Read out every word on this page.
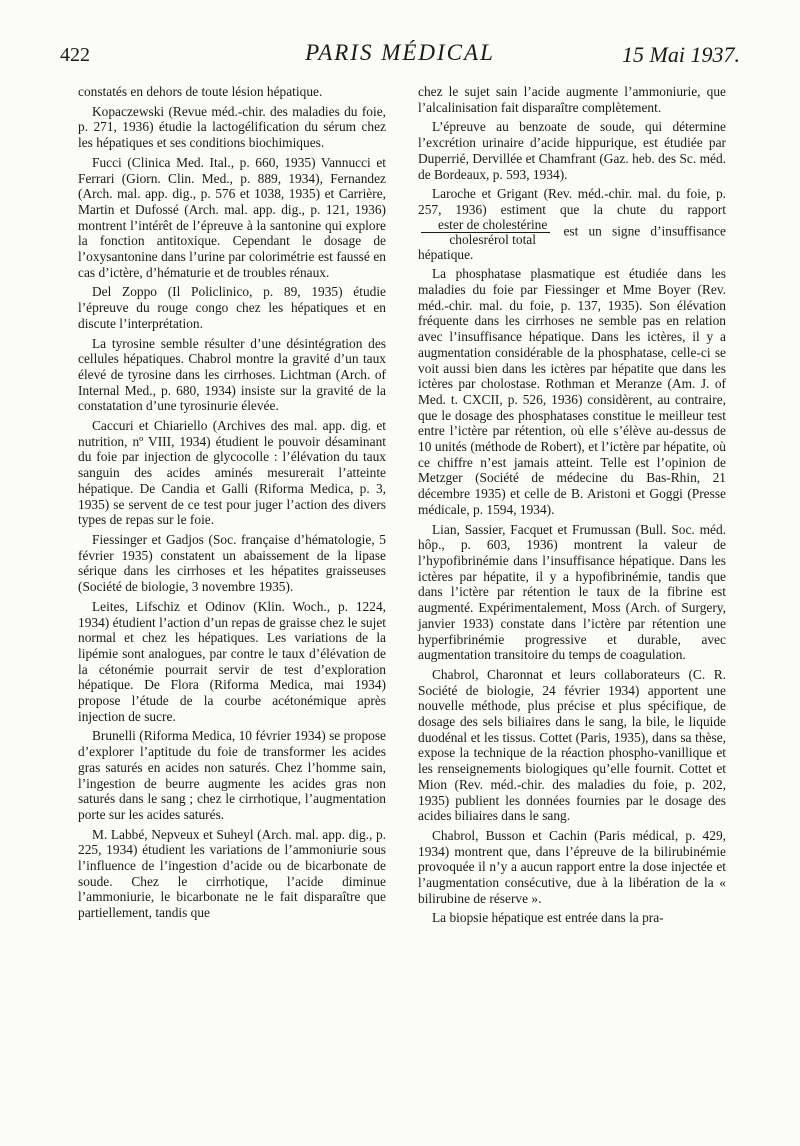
422	PARIS MÉDICAL	15 Mai 1937.

constatés en dehors de toute lésion hépatique.

Kopaczewski (Revue méd.-chir. des maladies du foie, p. 271, 1936) étudie la lactogélification du sérum chez les hépatiques et ses conditions biochimiques.

Fucci (Clinica Med. Ital., p. 660, 1935) Vannucci et Ferrari (Giorn. Clin. Med., p. 889, 1934), Fernandez (Arch. mal. app. dig., p. 576 et 1038, 1935) et Carrière, Martin et Dufossé (Arch. mal. app. dig., p. 121, 1936) montrent l’intérêt de l’épreuve à la santonine qui explore la fonction antitoxique. Cependant le dosage de l’oxysantonine dans l’urine par colorimétrie est faussé en cas d’ictère, d’hématurie et de troubles rénaux.

Del Zoppo (Il Policlinico, p. 89, 1935) étudie l’épreuve du rouge congo chez les hépatiques et en discute l’interprétation.

La tyrosine semble résulter d’une désintégration des cellules hépatiques. Chabrol montre la gravité d’un taux élevé de tyrosine dans les cirrhoses. Lichtman (Arch. of Internal Med., p. 680, 1934) insiste sur la gravité de la constatation d’une tyrosinurie élevée.

Caccuri et Chiariello (Archives des mal. app. dig. et nutrition, nº VIII, 1934) étudient le pouvoir désaminant du foie par injection de glycocolle : l’élévation du taux sanguin des acides aminés mesurerait l’atteinte hépatique. De Candia et Galli (Riforma Medica, p. 3, 1935) se servent de ce test pour juger l’action des divers types de repas sur le foie.

Fiessinger et Gadjos (Soc. française d’hématologie, 5 février 1935) constatent un abaissement de la lipase sérique dans les cirrhoses et les hépatites graisseuses (Société de biologie, 3 novembre 1935).

Leites, Lifschiz et Odinov (Klin. Woch., p. 1224, 1934) étudient l’action d’un repas de graisse chez le sujet normal et chez les hépatiques. Les variations de la lipémie sont analogues, par contre le taux d’élévation de la cétonémie pourrait servir de test d’exploration hépatique. De Flora (Riforma Medica, mai 1934) propose l’étude de la courbe acétonémique après injection de sucre.

Brunelli (Riforma Medica, 10 février 1934) se propose d’explorer l’aptitude du foie de transformer les acides gras saturés en acides non saturés. Chez l’homme sain, l’ingestion de beurre augmente les acides gras non saturés dans le sang ; chez le cirrhotique, l’augmentation porte sur les acides saturés.

M. Labbé, Nepveux et Suheyl (Arch. mal. app. dig., p. 225, 1934) étudient les variations de l’ammoniurie sous l’influence de l’ingestion d’acide ou de bicarbonate de soude. Chez le cirrhotique, l’acide diminue l’ammoniurie, le bicarbonate ne le fait disparaître que partiellement, tandis que

chez le sujet sain l’acide augmente l’ammoniurie, que l’alcalinisation fait disparaître complètement.

L’épreuve au benzoate de soude, qui détermine l’excrétion urinaire d’acide hippurique, est étudiée par Duperrié, Dervillée et Chamfrant (Gaz. heb. des Sc. méd. de Bordeaux, p. 593, 1934).

Laroche et Grigant (Rev. méd.-chir. mal. du foie, p. 257, 1936) estiment que la chute du rapport
$\frac{\text{ester de cholestérine}}{\text{cholesrérol total}}$ est un signe d’insuffisance hépatique.

La phosphatase plasmatique est étudiée dans les maladies du foie par Fiessinger et Mme Boyer (Rev. méd.-chir. mal. du foie, p. 137, 1935). Son élévation fréquente dans les cirrhoses ne semble pas en relation avec l’insuffisance hépatique. Dans les ictères, il y a augmentation considérable de la phosphatase, celle-ci se voit aussi bien dans les ictères par hépatite que dans les ictères par cholostase. Rothman et Meranze (Am. J. of Med. t. CXCII, p. 526, 1936) considèrent, au contraire, que le dosage des phosphatases constitue le meilleur test entre l’ictère par rétention, où elle s’élève au-dessus de 10 unités (méthode de Robert), et l’ictère par hépatite, où ce chiffre n’est jamais atteint. Telle est l’opinion de Metzger (Société de médecine du Bas-Rhin, 21 décembre 1935) et celle de B. Aristoni et Goggi (Presse médicale, p. 1594, 1934).

Lian, Sassier, Facquet et Frumussan (Bull. Soc. méd. hôp., p. 603, 1936) montrent la valeur de l’hypofibrinémie dans l’insuffisance hépatique. Dans les ictères par hépatite, il y a hypofibrinémie, tandis que dans l’ictère par rétention le taux de la fibrine est augmenté. Expérimentalement, Moss (Arch. of Surgery, janvier 1933) constate dans l’ictère par rétention une hyperfibrinémie progressive et durable, avec augmentation transitoire du temps de coagulation.

Chabrol, Charonnat et leurs collaborateurs (C. R. Société de biologie, 24 février 1934) apportent une nouvelle méthode, plus précise et plus spécifique, de dosage des sels biliaires dans le sang, la bile, le liquide duodénal et les tissus. Cottet (Paris, 1935), dans sa thèse, expose la technique de la réaction phospho-vanillique et les renseignements biologiques qu’elle fournit. Cottet et Mion (Rev. méd.-chir. des maladies du foie, p. 202, 1935) publient les données fournies par le dosage des acides biliaires dans le sang.

Chabrol, Busson et Cachin (Paris médical, p. 429, 1934) montrent que, dans l’épreuve de la bilirubinémie provoquée il n’y a aucun rapport entre la dose injectée et l’augmentation consécutive, due à la libération de la « bilirubine de réserve ».

La biopsie hépatique est entrée dans la pra-
